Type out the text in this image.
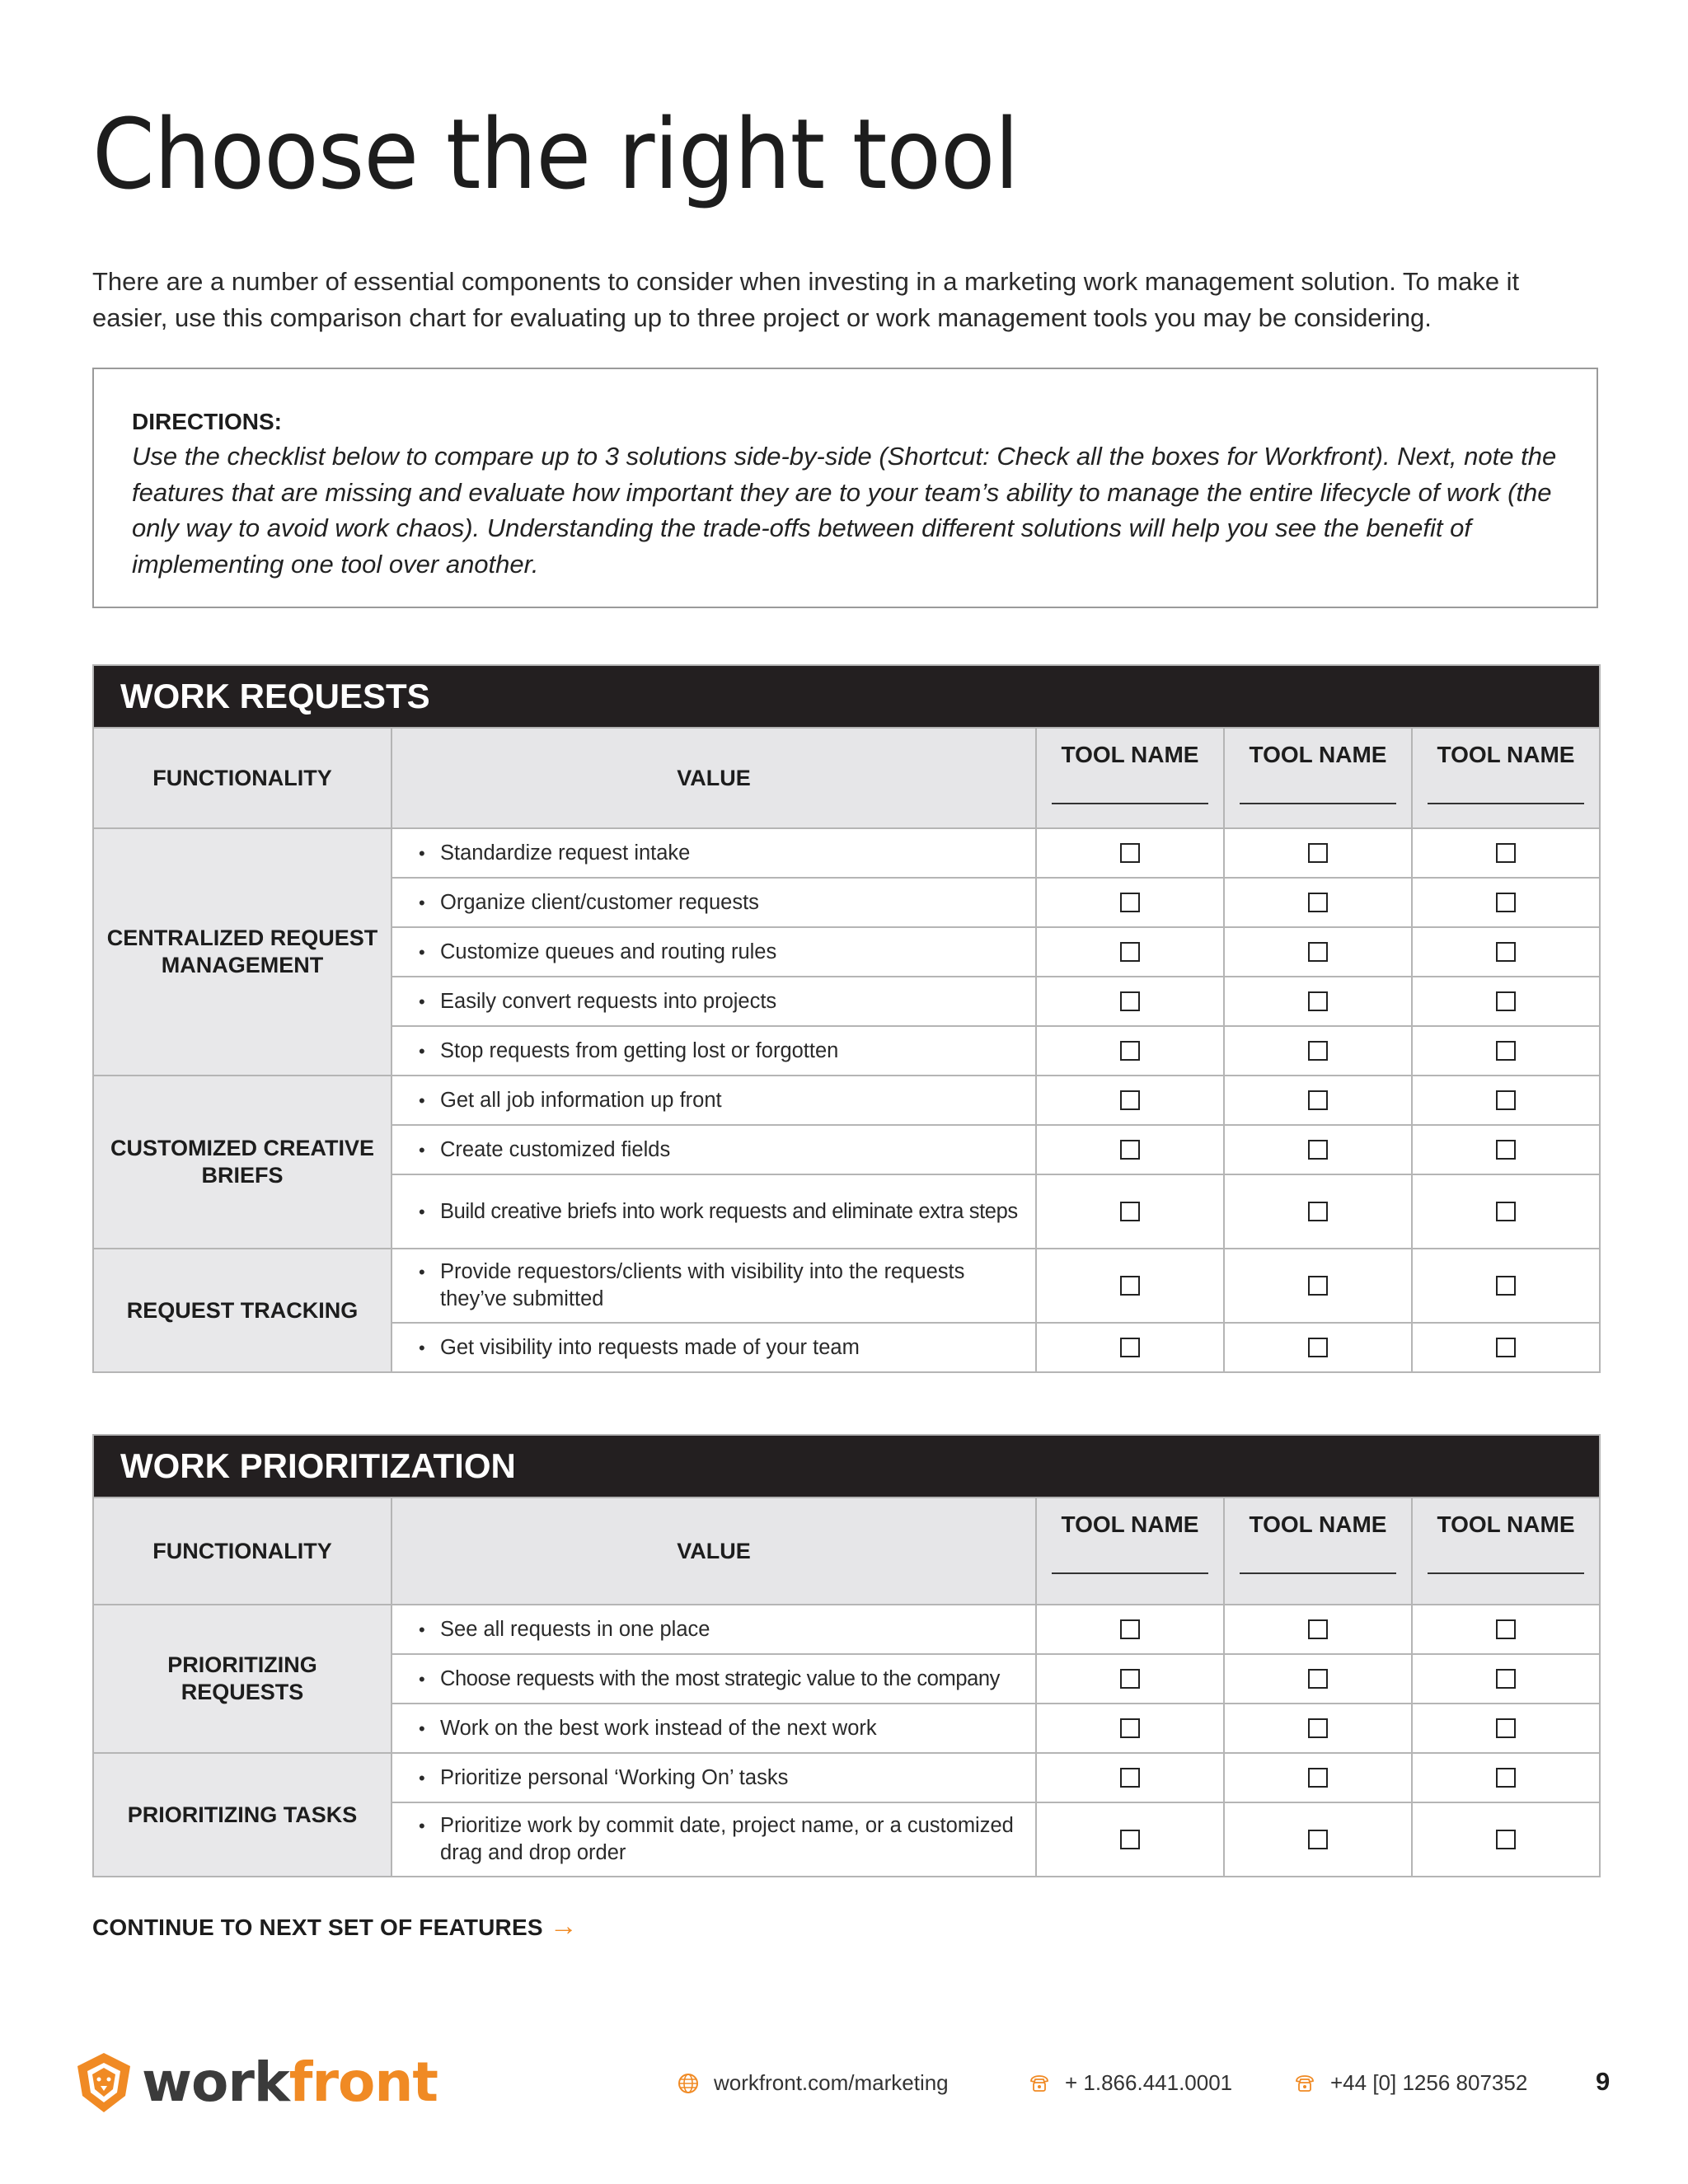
Choose the right tool

There are a number of essential components to consider when investing in a marketing work management solution. To make it easier, use this comparison chart for evaluating up to three project or work management tools you may be considering.

DIRECTIONS:
Use the checklist below to compare up to 3 solutions side-by-side (Shortcut: Check all the boxes for Workfront). Next, note the features that are missing and evaluate how important they are to your team’s ability to manage the entire lifecycle of work (the only way to avoid work chaos). Understanding the trade-offs between different solutions will help you see the benefit of implementing one tool over another.
WORK REQUESTS				
FUNCTIONALITY	VALUE	TOOL NAME	TOOL NAME	TOOL NAME

CENTRALIZED REQUEST MANAGEMENT	• Standardize request intake			

	• Organize client/customer requests			

	• Customize queues and routing rules			

	• Easily convert requests into projects			

	• Stop requests from getting lost or forgotten			
CUSTOMIZED CREATIVE BRIEFS	• Get all job information up front			

	• Create customized fields			

	• Build creative briefs into work requests and eliminate extra steps			
REQUEST TRACKING	• Provide requestors/clients with visibility into the requests they’ve submitted			

	• Get visibility into requests made of your team			
WORK PRIORITIZATION				
FUNCTIONALITY	VALUE	TOOL NAME	TOOL NAME	TOOL NAME

PRIORITIZING REQUESTS	• See all requests in one place			

	• Choose requests with the most strategic value to the company			

	• Work on the best work instead of the next work			
PRIORITIZING TASKS	• Prioritize personal ‘Working On’ tasks			

	• Prioritize work by commit date, project name, or a customized drag and drop order			
CONTINUE TO NEXT SET OF FEATURES →
workfront	workfront.com/marketing	+ 1.866.441.0001	+44 [0] 1256 807352	9
